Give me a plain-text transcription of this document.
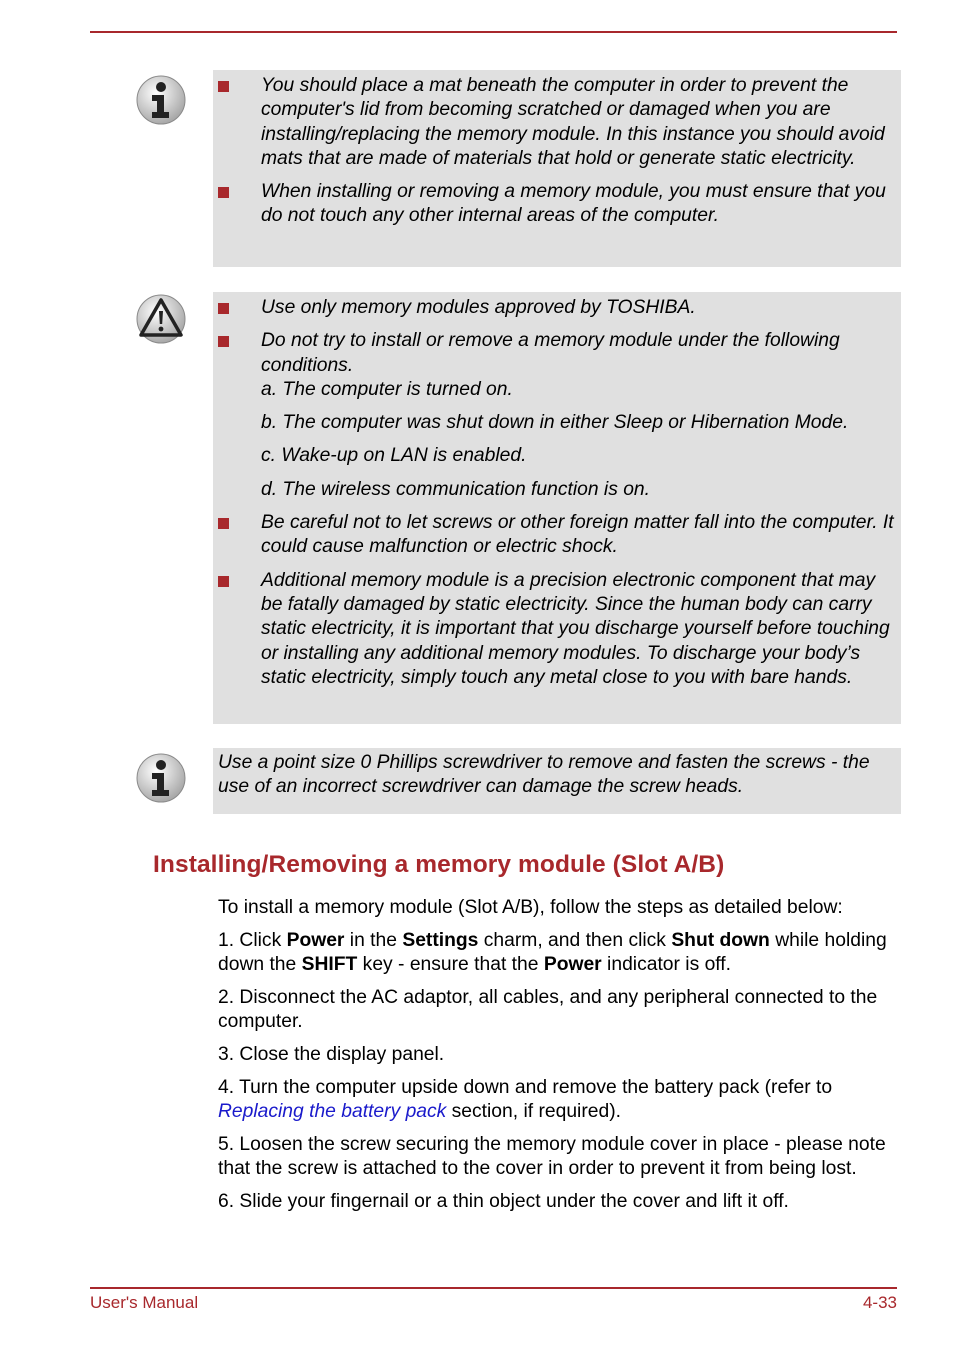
You should place a mat beneath the computer in order to prevent the computer's lid from becoming scratched or damaged when you are installing/replacing the memory module. In this instance you should avoid mats that are made of materials that hold or generate static electricity.
When installing or removing a memory module, you must ensure that you do not touch any other internal areas of the computer.
Use only memory modules approved by TOSHIBA.
Do not try to install or remove a memory module under the following conditions.
a. The computer is turned on.
b. The computer was shut down in either Sleep or Hibernation Mode.
c. Wake-up on LAN is enabled.
d. The wireless communication function is on.
Be careful not to let screws or other foreign matter fall into the computer. It could cause malfunction or electric shock.
Additional memory module is a precision electronic component that may be fatally damaged by static electricity. Since the human body can carry static electricity, it is important that you discharge yourself before touching or installing any additional memory modules. To discharge your body’s static electricity, simply touch any metal close to you with bare hands.
Use a point size 0 Phillips screwdriver to remove and fasten the screws - the use of an incorrect screwdriver can damage the screw heads.
Installing/Removing a memory module (Slot A/B)

To install a memory module (Slot A/B), follow the steps as detailed below:

1. Click Power in the Settings charm, and then click Shut down while holding down the SHIFT key - ensure that the Power indicator is off.

2. Disconnect the AC adaptor, all cables, and any peripheral connected to the computer.

3. Close the display panel.

4. Turn the computer upside down and remove the battery pack (refer to Replacing the battery pack section, if required).

5. Loosen the screw securing the memory module cover in place - please note that the screw is attached to the cover in order to prevent it from being lost.

6. Slide your fingernail or a thin object under the cover and lift it off.

User's Manual	4-33
